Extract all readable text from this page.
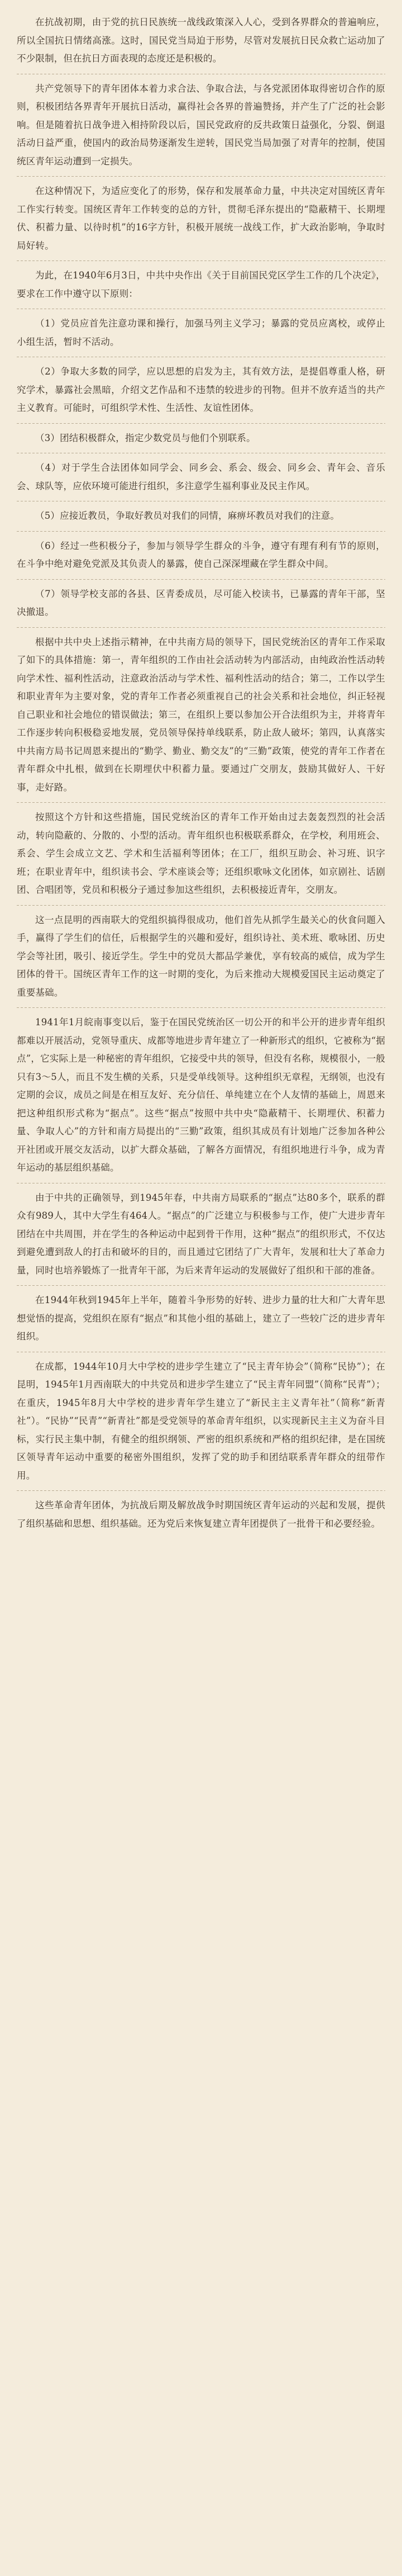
在抗战初期，由于党的抗日民族统一战线政策深入人心，受到各界群众的普遍响应，所以全国抗日情绪高涨。这时，国民党当局迫于形势，尽管对发展抗日民众救亡运动加了不少限制，但在抗日方面表现的态度还是积极的。

共产党领导下的青年团体本着力求合法、争取合法，与各党派团体取得密切合作的原则，积极团结各界青年开展抗日活动，赢得社会各界的普遍赞扬，并产生了广泛的社会影响。但是随着抗日战争进入相持阶段以后，国民党政府的反共政策日益强化，分裂、倒退活动日益严重，使国内的政治局势逐渐发生逆转，国民党当局加强了对青年的控制，使国统区青年运动遭到一定损失。

在这种情况下，为适应变化了的形势，保存和发展革命力量，中共决定对国统区青年工作实行转变。国统区青年工作转变的总的方针，贯彻毛泽东提出的“隐蔽精干、长期埋伏、积蓄力量、以待时机”的16字方针，积极开展统一战线工作，扩大政治影响，争取时局好转。

为此，在1940年6月3日，中共中央作出《关于目前国民党区学生工作的几个决定》，要求在工作中遵守以下原则：

（1）党员应首先注意功课和操行，加强马列主义学习；暴露的党员应离校，或停止小组生活，暂时不活动。

（2）争取大多数的同学，应以思想的启发为主，其有效方法，是提倡尊重人格，研究学术，暴露社会黑暗，介绍文艺作品和不违禁的较进步的刊物。但并不放弃适当的共产主义教育。可能时，可组织学术性、生活性、友谊性团体。

（3）团结积极群众，指定少数党员与他们个别联系。

（4）对于学生合法团体如同学会、同乡会、系会、级会、同乡会、青年会、音乐会、球队等，应依环境可能进行组织，多注意学生福利事业及民主作风。

（5）应接近教员，争取好教员对我们的同情，麻痹坏教员对我们的注意。

（6）经过一些积极分子，参加与领导学生群众的斗争，遵守有理有利有节的原则，在斗争中绝对避免党派及其负责人的暴露，使自己深深埋藏在学生群众中间。

（7）领导学校支部的各县、区青委成员，尽可能入校读书，已暴露的青年干部，坚决撤退。

根据中共中央上述指示精神，在中共南方局的领导下，国民党统治区的青年工作采取了如下的具体措施：第一，青年组织的工作由社会活动转为内部活动，由纯政治性活动转向学术性、福利性活动，注意政治活动与学术性、福利性活动的结合；第二，工作以学生和职业青年为主要对象，党的青年工作者必须重视自己的社会关系和社会地位，纠正轻视自己职业和社会地位的错误做法；第三，在组织上要以参加公开合法组织为主，并将青年工作逐步转向积极稳妥地发展，党员领导保持单线联系，防止敌人破坏；第四，认真落实中共南方局书记周恩来提出的“勤学、勤业、勤交友”的“三勤”政策，使党的青年工作者在青年群众中扎根，做到在长期埋伏中积蓄力量。要通过广交朋友，鼓励其做好人、干好事，走好路。

按照这个方针和这些措施，国民党统治区的青年工作开始由过去轰轰烈烈的社会活动，转向隐蔽的、分散的、小型的活动。青年组织也积极联系群众，在学校，利用班会、系会、学生会成立文艺、学术和生活福利等团体；在工厂，组织互助会、补习班、识字班；在职业青年中，组织读书会、学术座谈会等；还组织歌咏文化团体，如京剧社、话剧团、合唱团等，党员和积极分子通过参加这些组织，去积极接近青年，交朋友。

这一点昆明的西南联大的党组织搞得很成功，他们首先从抓学生最关心的伙食问题入手，赢得了学生们的信任，后根据学生的兴趣和爱好，组织诗社、美术班、歌咏团、历史学会等社团，吸引、接近学生。学生中的党员大都品学兼优，享有较高的威信，成为学生团体的骨干。国统区青年工作的这一时期的变化，为后来推动大规模爱国民主运动奠定了重要基础。

1941年1月皖南事变以后，鉴于在国民党统治区一切公开的和半公开的进步青年组织都难以开展活动，党领导重庆、成都等地进步青年建立了一种新形式的组织，它被称为“据点”，它实际上是一种秘密的青年组织，它接受中共的领导，但没有名称，规模很小，一般只有3～5人，而且不发生横的关系，只是受单线领导。这种组织无章程，无纲领，也没有定期的会议，成员之间是在相互友好、充分信任、单纯建立在个人友情的基础上，周恩来把这种组织形式称为“据点”。这些“据点”按照中共中央“隐蔽精干、长期埋伏、积蓄力量、争取人心”的方针和南方局提出的“三勤”政策，组织其成员有计划地广泛参加各种公开社团或开展交友活动，以扩大群众基础，了解各方面情况，有组织地进行斗争，成为青年运动的基层组织基础。

由于中共的正确领导，到1945年春，中共南方局联系的“据点”达80多个，联系的群众有989人，其中大学生有464人。“据点”的广泛建立与积极参与工作，使广大进步青年团结在中共周围，并在学生的各种运动中起到骨干作用，这种“据点”的组织形式，不仅达到避免遭到敌人的打击和破坏的目的，而且通过它团结了广大青年，发展和壮大了革命力量，同时也培养锻炼了一批青年干部，为后来青年运动的发展做好了组织和干部的准备。

在1944年秋到1945年上半年，随着斗争形势的好转、进步力量的壮大和广大青年思想觉悟的提高，党组织在原有“据点”和其他小组的基础上，建立了一些较广泛的进步青年组织。

在成都，1944年10月大中学校的进步学生建立了“民主青年协会”（简称“民协”）；在昆明，1945年1月西南联大的中共党员和进步学生建立了“民主青年同盟”（简称“民青”）；在重庆，1945年8月大中学校的进步青年学生建立了“新民主主义青年社”（简称“新青社”）。“民协”“民青”“新青社”都是受党领导的革命青年组织，以实现新民主主义为奋斗目标，实行民主集中制，有健全的组织纲领、严密的组织系统和严格的组织纪律，是在国统区领导青年运动中重要的秘密外围组织，发挥了党的助手和团结联系青年群众的纽带作用。

这些革命青年团体，为抗战后期及解放战争时期国统区青年运动的兴起和发展，提供了组织基础和思想、组织基础。还为党后来恢复建立青年团提供了一批骨干和必要经验。
